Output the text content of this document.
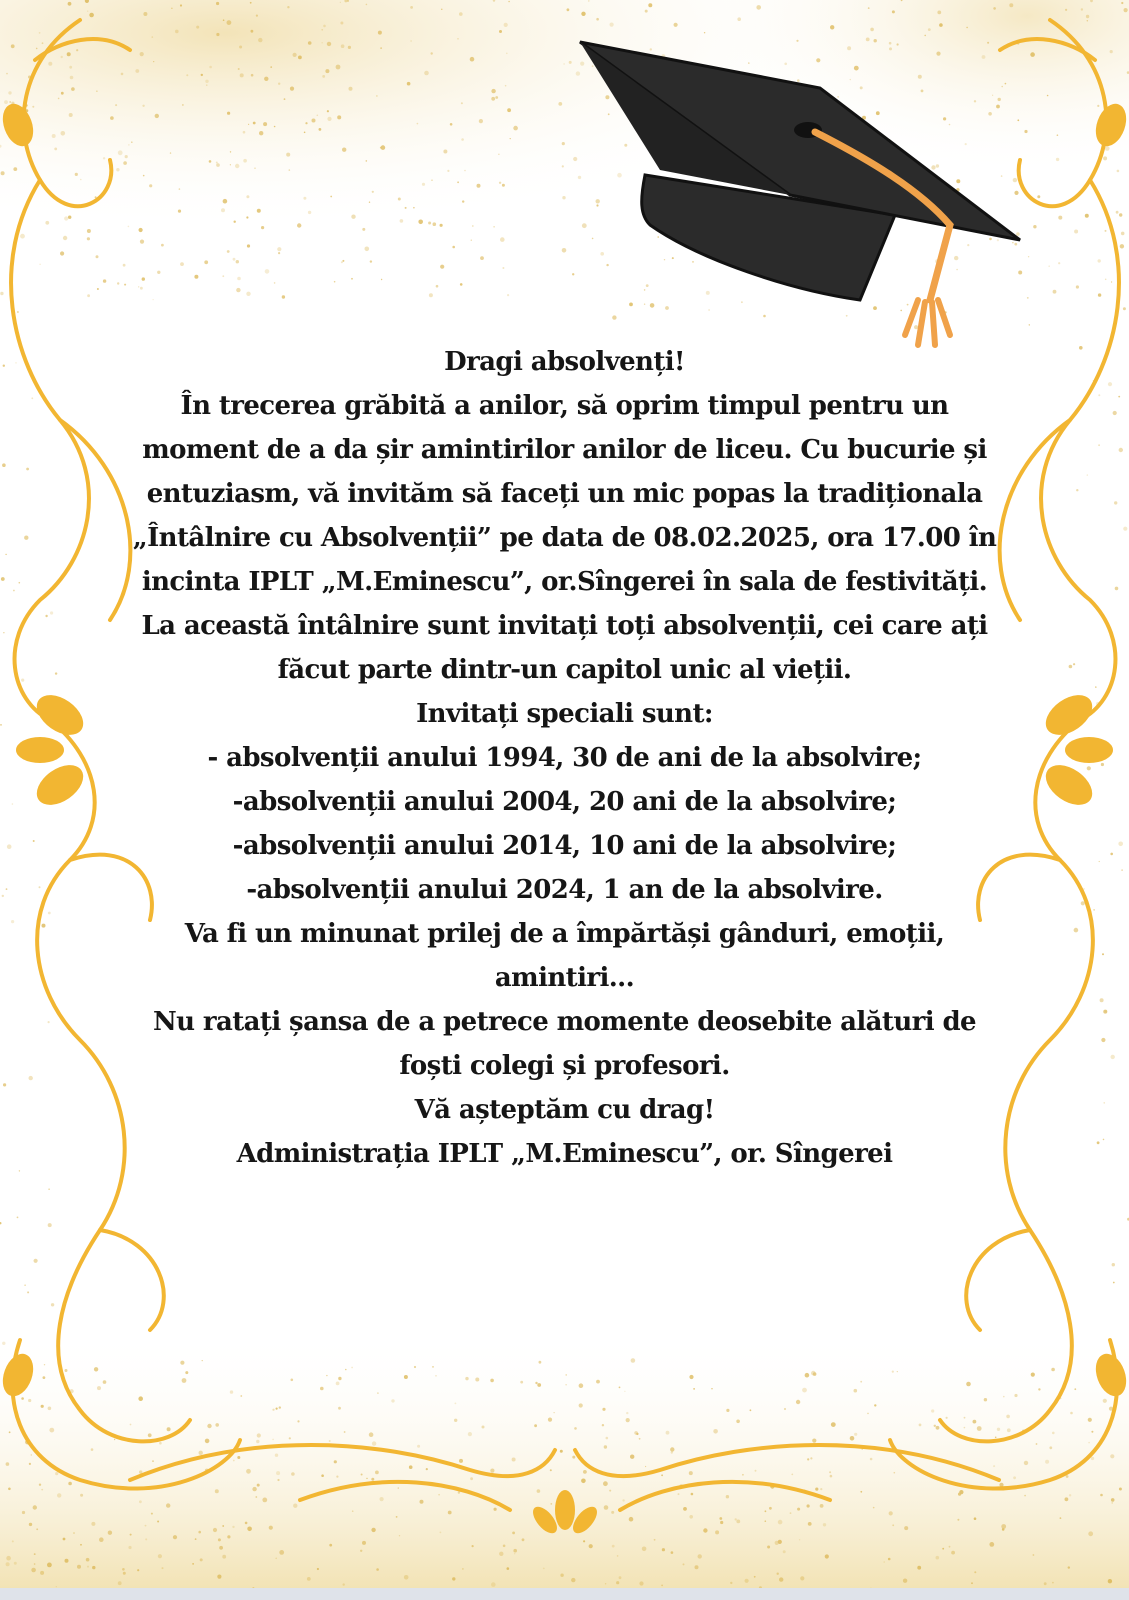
Dragi absolvenți!
În trecerea grăbită a anilor, să oprim timpul pentru un
moment de a da șir amintirilor anilor de liceu. Cu bucurie și
entuziasm, vă invităm să faceți un mic popas la tradiționala
„Întâlnire cu Absolvenții” pe data de 08.02.2025, ora 17.00 în
incinta IPLT „M.Eminescu”, or.Sîngerei în sala de festivități.
La această întâlnire sunt invitați toți absolvenții, cei care ați
făcut parte dintr-un capitol unic al vieții.
Invitați speciali sunt:
- absolvenții anului 1994, 30 de ani de la absolvire;
-absolvenții anului 2004, 20 ani de la absolvire;
-absolvenții anului 2014, 10 ani de la absolvire;
-absolvenții anului 2024, 1 an de la absolvire.
Va fi un minunat prilej de a împărtăși gânduri, emoții,
amintiri...
Nu ratați șansa de a petrece momente deosebite alături de
foști colegi și profesori.
Vă așteptăm cu drag!
Administrația IPLT „M.Eminescu”, or. Sîngerei
